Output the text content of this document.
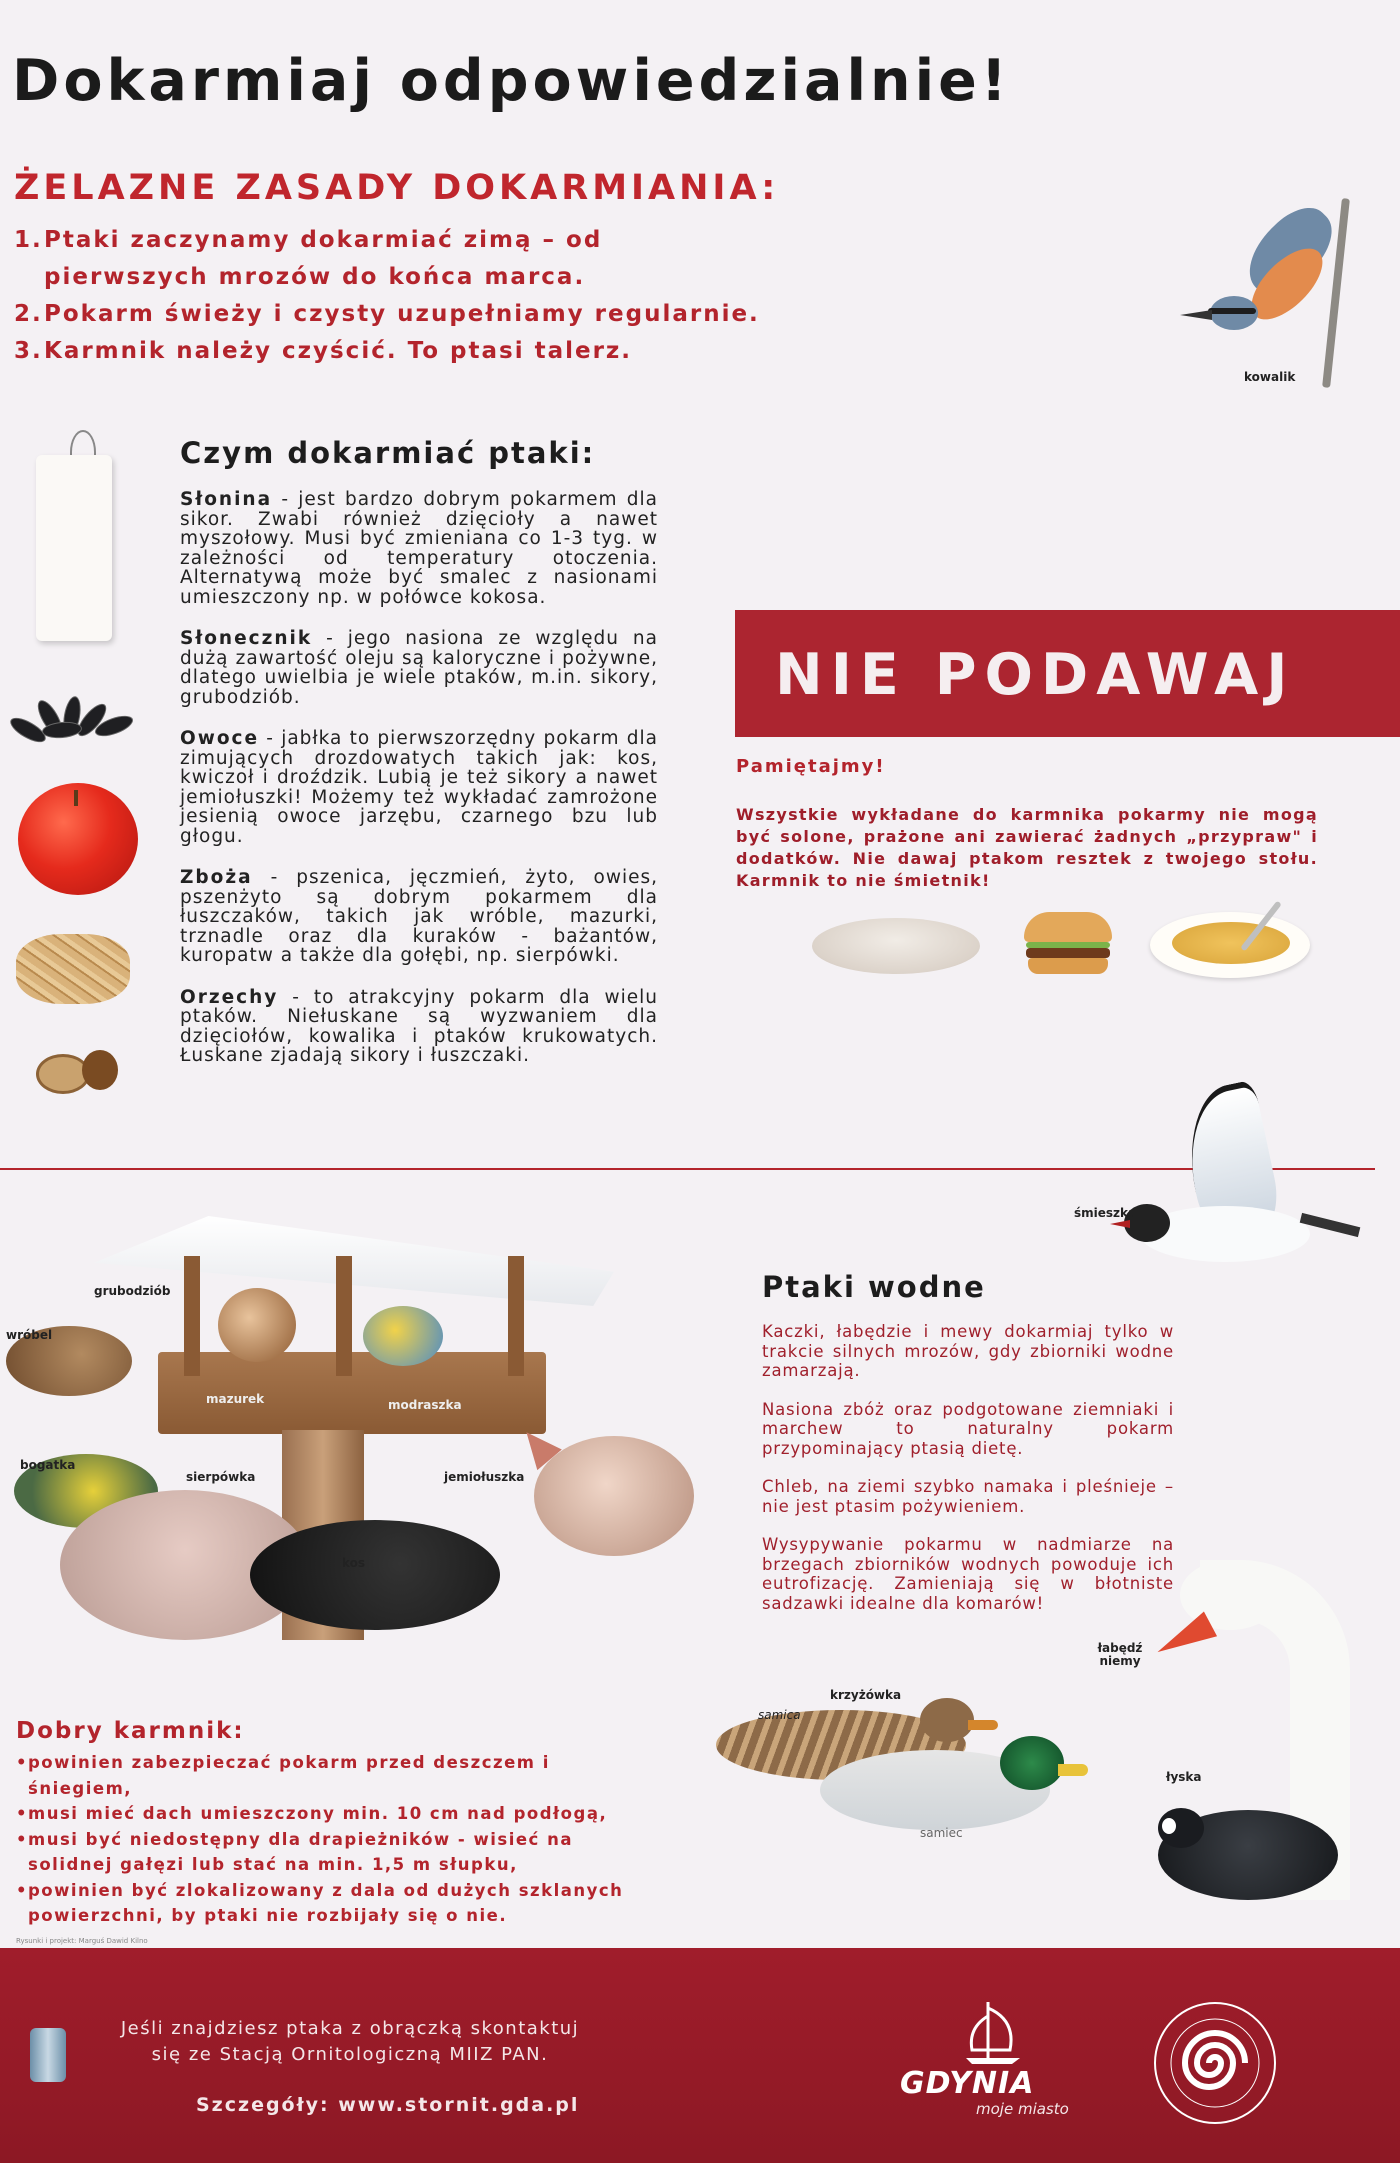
Dokarmiaj odpowiedzialnie!
ŻELAZNE ZASADY DOKARMIANIA:
1. Ptaki zaczynamy dokarmiać zimą – od pierwszych mrozów do końca marca.
2. Pokarm świeży i czysty uzupełniamy regularnie.
3. Karmnik należy czyścić. To ptasi talerz.
kowalik
Czym dokarmiać ptaki:

Słonina - jest bardzo dobrym pokarmem dla sikor. Zwabi również dzięcioły a nawet myszołowy. Musi być zmieniana co 1-3 tyg. w zależności od temperatury otoczenia. Alternatywą może być smalec z nasionami umieszczony np. w połówce kokosa.

Słonecznik - jego nasiona ze względu na dużą zawartość oleju są kaloryczne i pożywne, dlatego uwielbia je wiele ptaków, m.in. sikory, grubodziób.

Owoce - jabłka to pierwszorzędny pokarm dla zimujących drozdowatych takich jak: kos, kwiczoł i droździk. Lubią je też sikory a nawet jemiołuszki! Możemy też wykładać zamrożone jesienią owoce jarzębu, czarnego bzu lub głogu.

Zboża - pszenica, jęczmień, żyto, owies, pszenżyto są dobrym pokarmem dla łuszczaków, takich jak wróble, mazurki, trznadle oraz dla kuraków - bażantów, kuropatw a także dla gołębi, np. sierpówki.

Orzechy - to atrakcyjny pokarm dla wielu ptaków. Niełuskane są wyzwaniem dla dzięciołów, kowalika i ptaków krukowatych. Łuskane zjadają sikory i łuszczaki.

NIE PODAWAJ
Pamiętajmy!
Wszystkie wykładane do karmnika pokarmy nie mogą być solone, prażone ani zawierać żadnych „przypraw" i dodatków. Nie dawaj ptakom resztek z twojego stołu. Karmnik to nie śmietnik!
śmieszka
grubodziób
wróbel
mazurek	modraszka
bogatka
sierpówka	jemiołuszka
kos
Ptaki wodne

Kaczki, łabędzie i mewy dokarmiaj tylko w trakcie silnych mrozów, gdy zbiorniki wodne zamarzają.

Nasiona zbóż oraz podgotowane ziemniaki i marchew to naturalny pokarm przypominający ptasią dietę.

Chleb, na ziemi szybko namaka i pleśnieje – nie jest ptasim pożywieniem.

Wysypywanie pokarmu w nadmiarze na brzegach zbiorników wodnych powoduje ich eutrofizację. Zamieniają się w błotniste sadzawki idealne dla komarów!

łabędź niemy
krzyżówka
samica
samiec
łyska
Dobry karmnik:
• powinien zabezpieczać pokarm przed deszczem i śniegiem,
• musi mieć dach umieszczony min. 10 cm nad podłogą,
• musi być niedostępny dla drapieżników - wisieć na solidnej gałęzi lub stać na min. 1,5 m słupku,
• powinien być zlokalizowany z dala od dużych szklanych powierzchni, by ptaki nie rozbijały się o nie.
Rysunki i projekt: Marguś Dawid Kilno
Jeśli znajdziesz ptaka z obrączką skontaktuj
się ze Stacją Ornitologiczną MIIZ PAN.
Szczegóły: www.stornit.gda.pl
GDYNIA
moje miasto
